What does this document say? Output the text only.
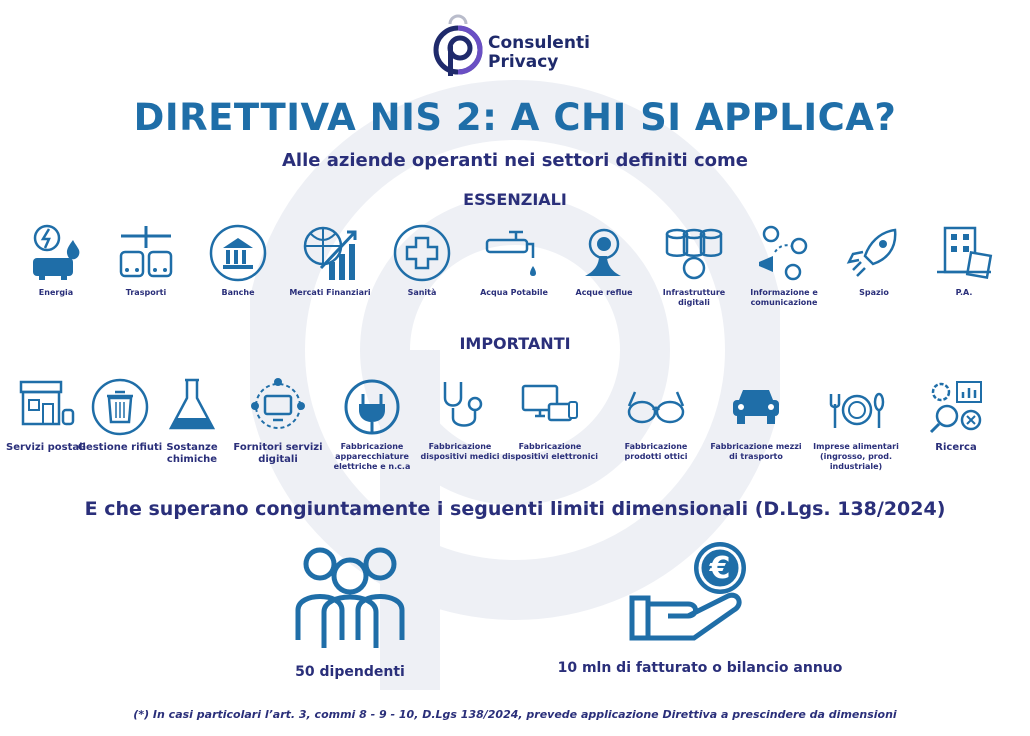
Consulenti
Privacy
DIRETTIVA NIS 2: A CHI SI APPLICA?
Alle aziende operanti nei settori definiti come
ESSENZIALI
Energia	Trasporti	Banche	Mercati Finanziari	Sanità	Acqua Potabile	Acque reflue	Infrastrutture digitali
Informazione e comunicazione
Spazio	P.A.
IMPORTANTI
Servizi postali
Gestione rifiuti Sostanze chimiche
Fornitori servizi digitali
Fabbricazione apparecchiature elettriche e n.c.a
Fabbricazione dispositivi medici
Fabbricazione dispositivi elettronici
Fabbricazione prodotti ottici
Fabbricazione mezzi di trasporto
Imprese alimentari (ingrosso, prod. industriale)
Ricerca
E che superano congiuntamente i seguenti limiti dimensionali (D.Lgs. 138/2024)
50 dipendenti
€
10 mln di fatturato o bilancio annuo
(*) In casi particolari l’art. 3, commi 8 - 9 - 10, D.Lgs 138/2024, prevede applicazione Direttiva a prescindere da dimensioni
